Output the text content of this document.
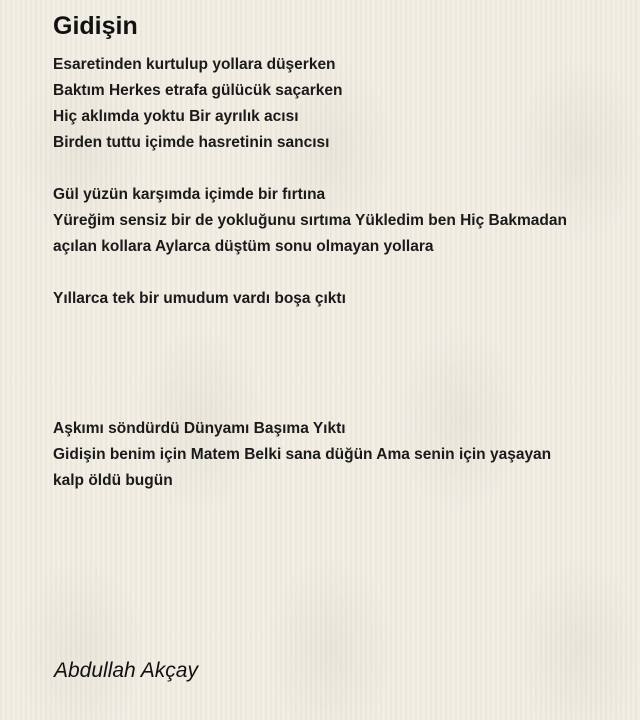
Gidişin
Esaretinden kurtulup yollara düşerken
Baktım Herkes etrafa gülücük saçarken
Hiç aklımda yoktu Bir ayrılık acısı
Birden tuttu içimde hasretinin sancısı
Gül yüzün karşımda içimde bir fırtına
Yüreğim sensiz bir de yokluğunu sırtıma Yükledim ben Hiç Bakmadan
açılan kollara Aylarca düştüm sonu olmayan yollara
Yıllarca tek bir umudum vardı boşa çıktı
Aşkımı söndürdü Dünyamı Başıma Yıktı
Gidişin benim için Matem Belki sana düğün Ama senin için yaşayan
kalp öldü bugün
Abdullah Akçay
